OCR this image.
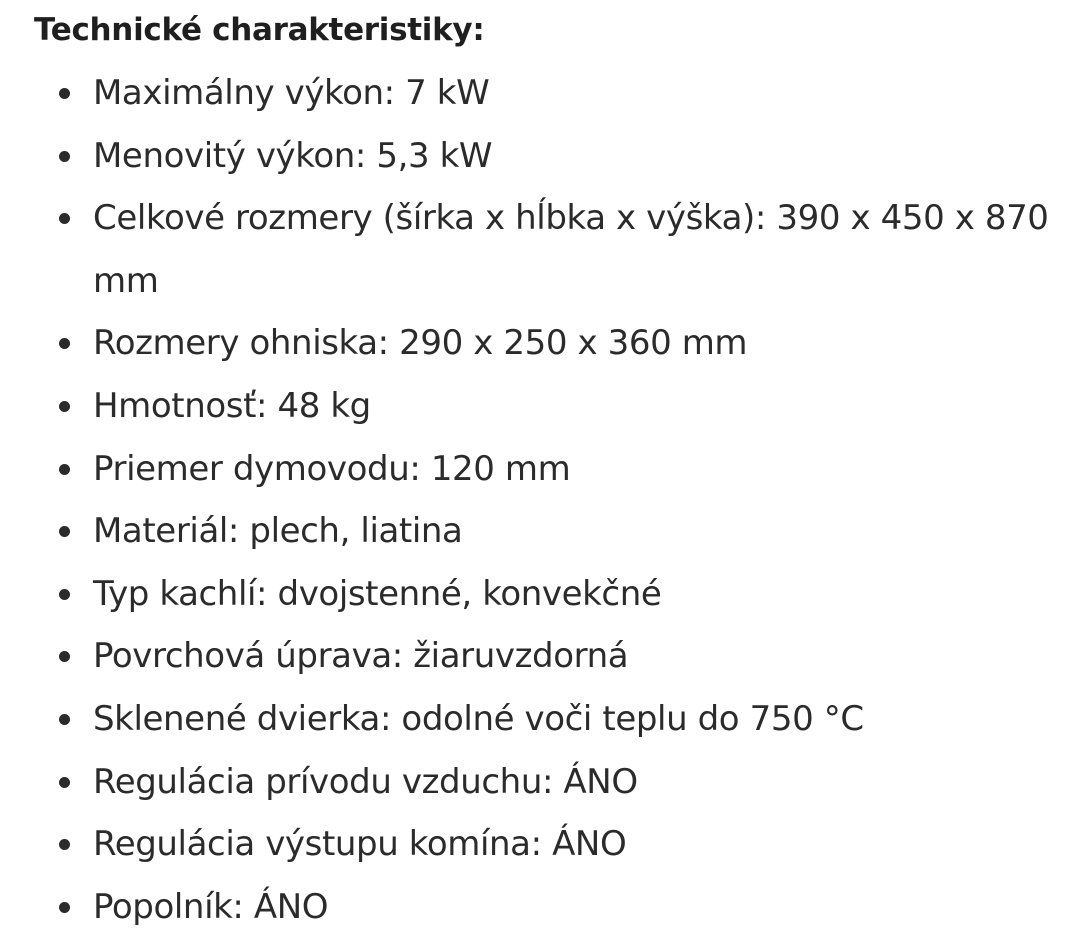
Technické charakteristiky:
Maximálny výkon: 7 kW
Menovitý výkon: 5,3 kW
Celkové rozmery (šírka x hĺbka x výška): 390 x 450 x 870 mm
Rozmery ohniska: 290 x 250 x 360 mm
Hmotnosť: 48 kg
Priemer dymovodu: 120 mm
Materiál: plech, liatina
Typ kachlí: dvojstenné, konvekčné
Povrchová úprava: žiaruvzdorná
Sklenené dvierka: odolné voči teplu do 750 °C
Regulácia prívodu vzduchu: ÁNO
Regulácia výstupu komína: ÁNO
Popolník: ÁNO
